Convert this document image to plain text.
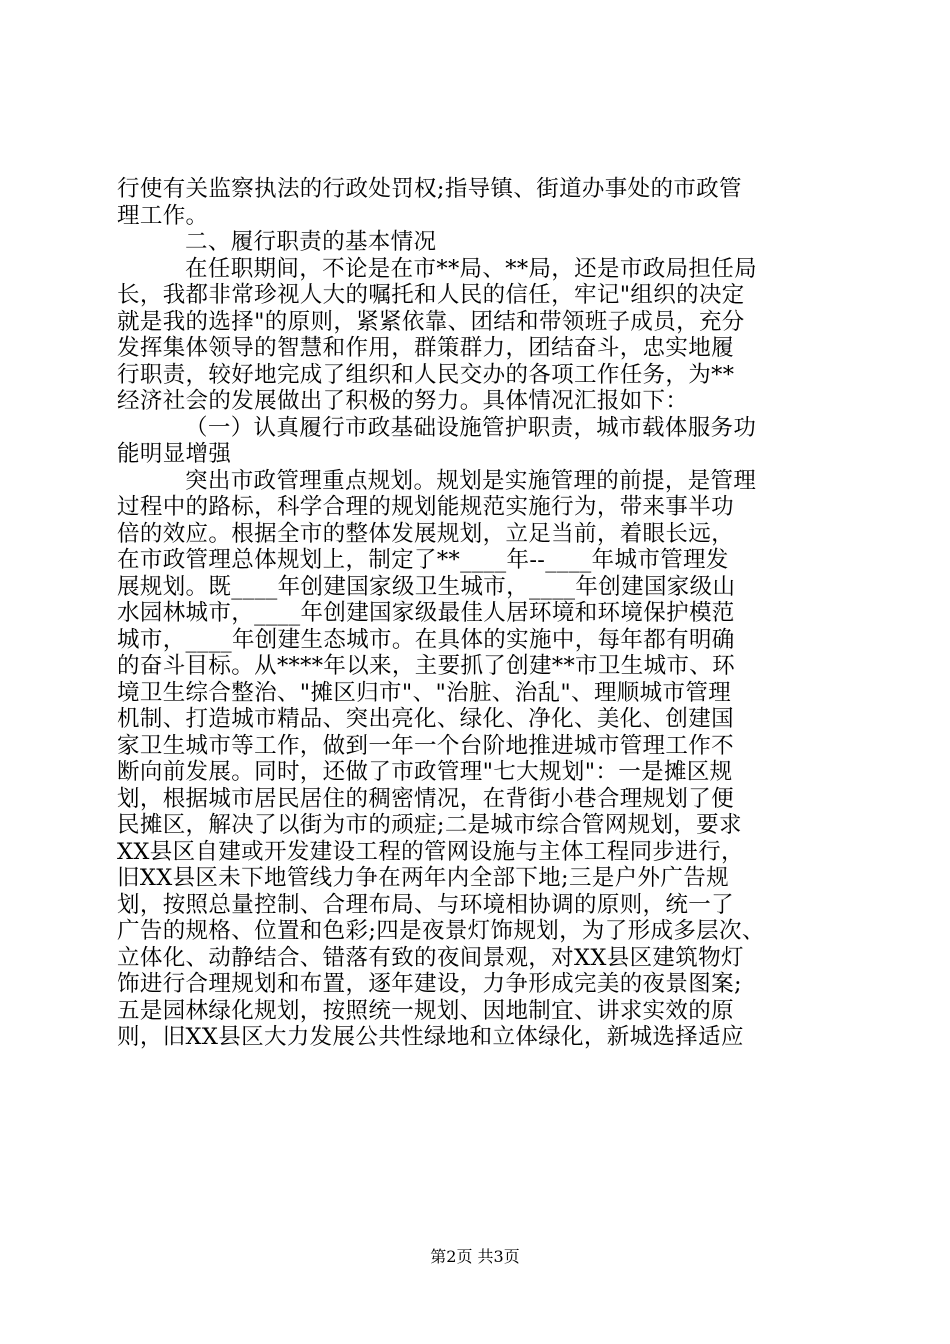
行使有关监察执法的行政处罚权;指导镇、街道办事处的市政管
理工作。
二、履行职责的基本情况
在任职期间，不论是在市**局、**局，还是市政局担任局
长，我都非常珍视人大的嘱托和人民的信任，牢记"组织的决定
就是我的选择"的原则，紧紧依靠、团结和带领班子成员，充分
发挥集体领导的智慧和作用，群策群力，团结奋斗，忠实地履
行职责，较好地完成了组织和人民交办的各项工作任务，为**
经济社会的发展做出了积极的努力。具体情况汇报如下：
（一）认真履行市政基础设施管护职责，城市载体服务功
能明显增强
突出市政管理重点规划。规划是实施管理的前提，是管理
过程中的路标，科学合理的规划能规范实施行为，带来事半功
倍的效应。根据全市的整体发展规划，立足当前，着眼长远，
在市政管理总体规划上，制定了**____年--____年城市管理发
展规划。既____年创建国家级卫生城市，____年创建国家级山
水园林城市，____年创建国家级最佳人居环境和环境保护模范
城市，____年创建生态城市。在具体的实施中，每年都有明确
的奋斗目标。从****年以来，主要抓了创建**市卫生城市、环
境卫生综合整治、"摊区归市"、"治脏、治乱"、理顺城市管理
机制、打造城市精品、突出亮化、绿化、净化、美化、创建国
家卫生城市等工作，做到一年一个台阶地推进城市管理工作不
断向前发展。同时，还做了市政管理"七大规划"：一是摊区规
划，根据城市居民居住的稠密情况，在背街小巷合理规划了便
民摊区，解决了以街为市的顽症;二是城市综合管网规划，要求
XX县区自建或开发建设工程的管网设施与主体工程同步进行，
旧XX县区未下地管线力争在两年内全部下地;三是户外广告规
划，按照总量控制、合理布局、与环境相协调的原则，统一了
广告的规格、位置和色彩;四是夜景灯饰规划，为了形成多层次、
立体化、动静结合、错落有致的夜间景观，对XX县区建筑物灯
饰进行合理规划和布置，逐年建设，力争形成完美的夜景图案;
五是园林绿化规划，按照统一规划、因地制宜、讲求实效的原
则，旧XX县区大力发展公共性绿地和立体绿化，新城选择适应
第2页 共3页
